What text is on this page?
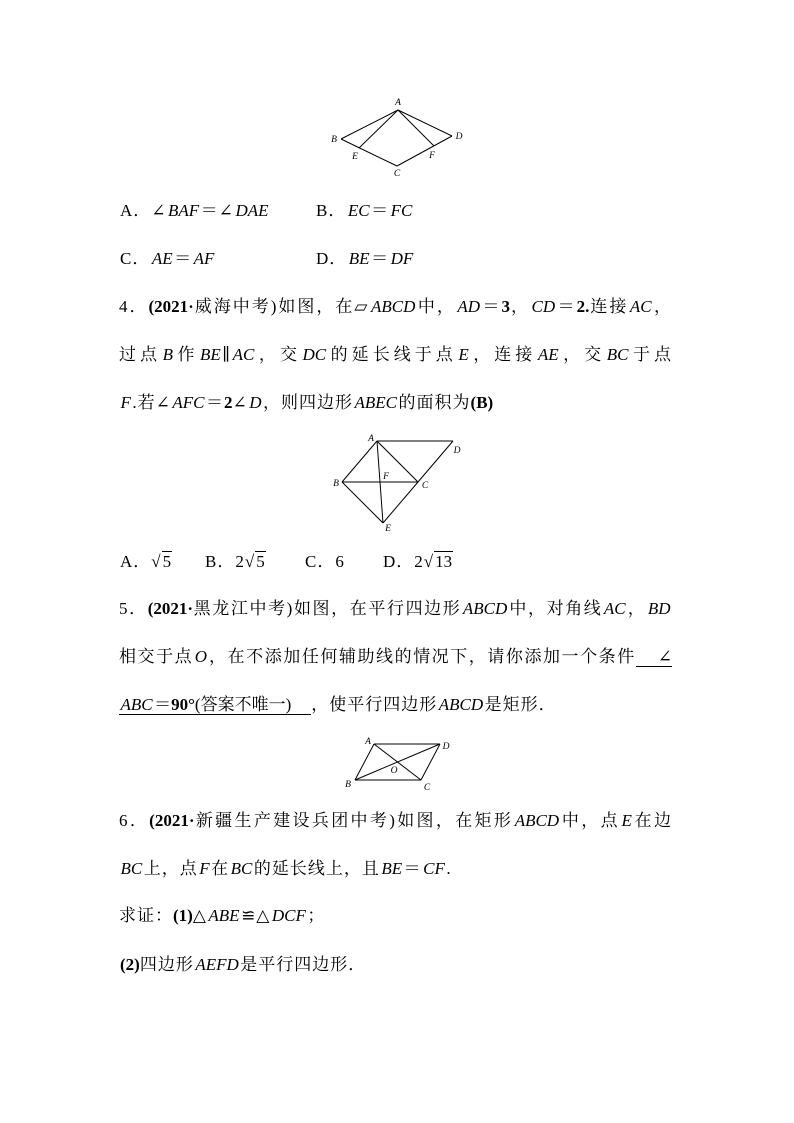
A
B
C
D
E	F
A．∠BAF＝∠DAE	B．EC＝FC
C．AE＝AF	D．BE＝DF
4．(2021·威海中考)如图，在▱ABCD中，AD＝3，CD＝2.连接AC，
过点B作BE∥AC，交DC的延长线于点E，连接AE，交BC于点
F.若∠AFC＝2∠D，则四边形ABEC的面积为(B)
A
D
B	C
F
E
A．√5 B．2√5 C．6 D．2√13
5．(2021·黑龙江中考)如图，在平行四边形ABCD中，对角线AC，BD
相交于点O，在不添加任何辅助线的情况下，请你添加一个条件 ∠
ABC＝90°(答案不唯一) ，使平行四边形ABCD是矩形．
A	D
B	C
O
6．(2021·新疆生产建设兵团中考)如图，在矩形ABCD中，点E在边
BC上，点F在BC的延长线上，且BE＝CF.
求证：(1)△ABE≌△DCF；
(2)四边形AEFD是平行四边形．
